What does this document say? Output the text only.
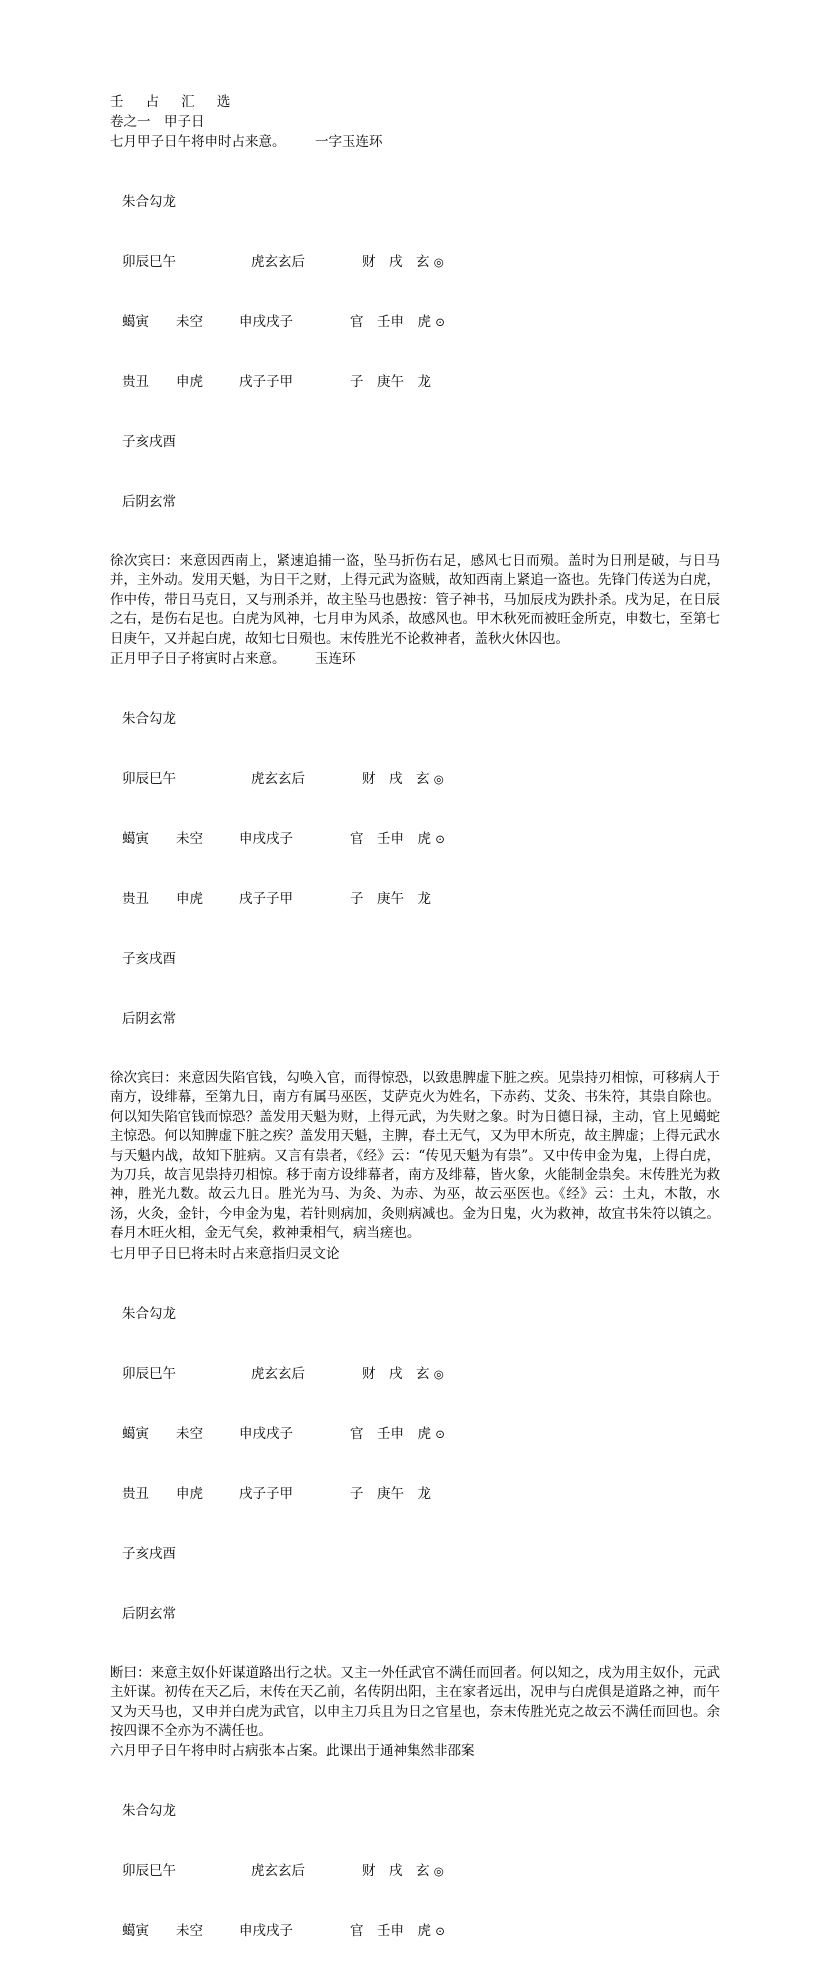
壬　占　汇　选
卷之一　甲子日
七月甲子日午将申时占来意。	一字玉连环

朱合勾龙

卯辰巳午	虎玄玄后	财　戌　玄 ◎

䗶寅　　未空	申戌戌子	官　壬申　虎 ⊙

贵丑　　申虎	戌子子甲	子　庚午　龙

子亥戌酉

后阴玄常

徐次宾曰：来意因西南上，紧速追捕一盗，坠马折伤右足，感风七日而殒。盖时为日刑是破，与日马并，主外动。发用天魁，为日干之财，上得元武为盗贼，故知西南上紧追一盗也。先锋门传送为白虎，作中传，带日马克日，又与刑杀并，故主坠马也愚按：管子神书，马加辰戌为跌扑杀。戌为足，在日辰之右，是伤右足也。白虎为风神，七月申为风杀，故感风也。甲木秋死而被旺金所克，申数七，至第七日庚午，又并起白虎，故知七日殒也。末传胜光不论救神者，盖秋火休囚也。

正月甲子日子将寅时占来意。	玉连环

朱合勾龙

卯辰巳午	虎玄玄后	财　戌　玄 ◎

䗶寅　　未空	申戌戌子	官　壬申　虎 ⊙

贵丑　　申虎	戌子子甲	子　庚午　龙

子亥戌酉

后阴玄常

徐次宾曰：来意因失陷官钱，勾唤入官，而得惊恐，以致患脾虚下脏之疾。见祟持刃相惊，可移病人于南方，设绯幕，至第九日，南方有属马巫医，艾萨克火为姓名，下赤药、艾灸、书朱符，其祟自除也。何以知失陷官钱而惊恐？盖发用天魁为财，上得元武，为失财之象。时为日德日禄，主动，官上见䗶蛇主惊恐。何以知脾虚下脏之疾？盖发用天魁，主脾，春土无气，又为甲木所克，故主脾虚；上得元武水与天魁内战，故知下脏病。又言有祟者，《经》云：“传见天魁为有祟”。又中传申金为鬼，上得白虎，为刀兵，故言见祟持刃相惊。移于南方设绯幕者，南方及绯幕，皆火象，火能制金祟矣。末传胜光为救神，胜光九数。故云九日。胜光为马、为灸、为赤、为巫，故云巫医也。《经》云：土丸，木散，水汤，火灸，金针，今申金为鬼，若针则病加，灸则病减也。金为日鬼，火为救神，故宜书朱符以镇之。春月木旺火相，金无气矣，救神秉相气，病当瘥也。

七月甲子日巳将未时占来意指归灵文论

朱合勾龙

卯辰巳午	虎玄玄后	财　戌　玄 ◎

䗶寅　　未空	申戌戌子	官　壬申　虎 ⊙

贵丑　　申虎	戌子子甲	子　庚午　龙

子亥戌酉

后阴玄常

断曰：来意主奴仆奸谋道路出行之状。又主一外任武官不满任而回者。何以知之，戌为用主奴仆，元武主奸谋。初传在天乙后，末传在天乙前，名传阴出阳，主在家者远出，况申与白虎俱是道路之神，而午又为天马也，又申并白虎为武官，以申主刀兵且为日之官星也，奈末传胜光克之故云不满任而回也。余按四课不全亦为不满任也。

六月甲子日午将申时占病张本占案。 此课出于通神集然非邵案

朱合勾龙

卯辰巳午	虎玄玄后	财　戌　玄 ◎

䗶寅　　未空	申戌戌子	官　壬申　虎 ⊙
